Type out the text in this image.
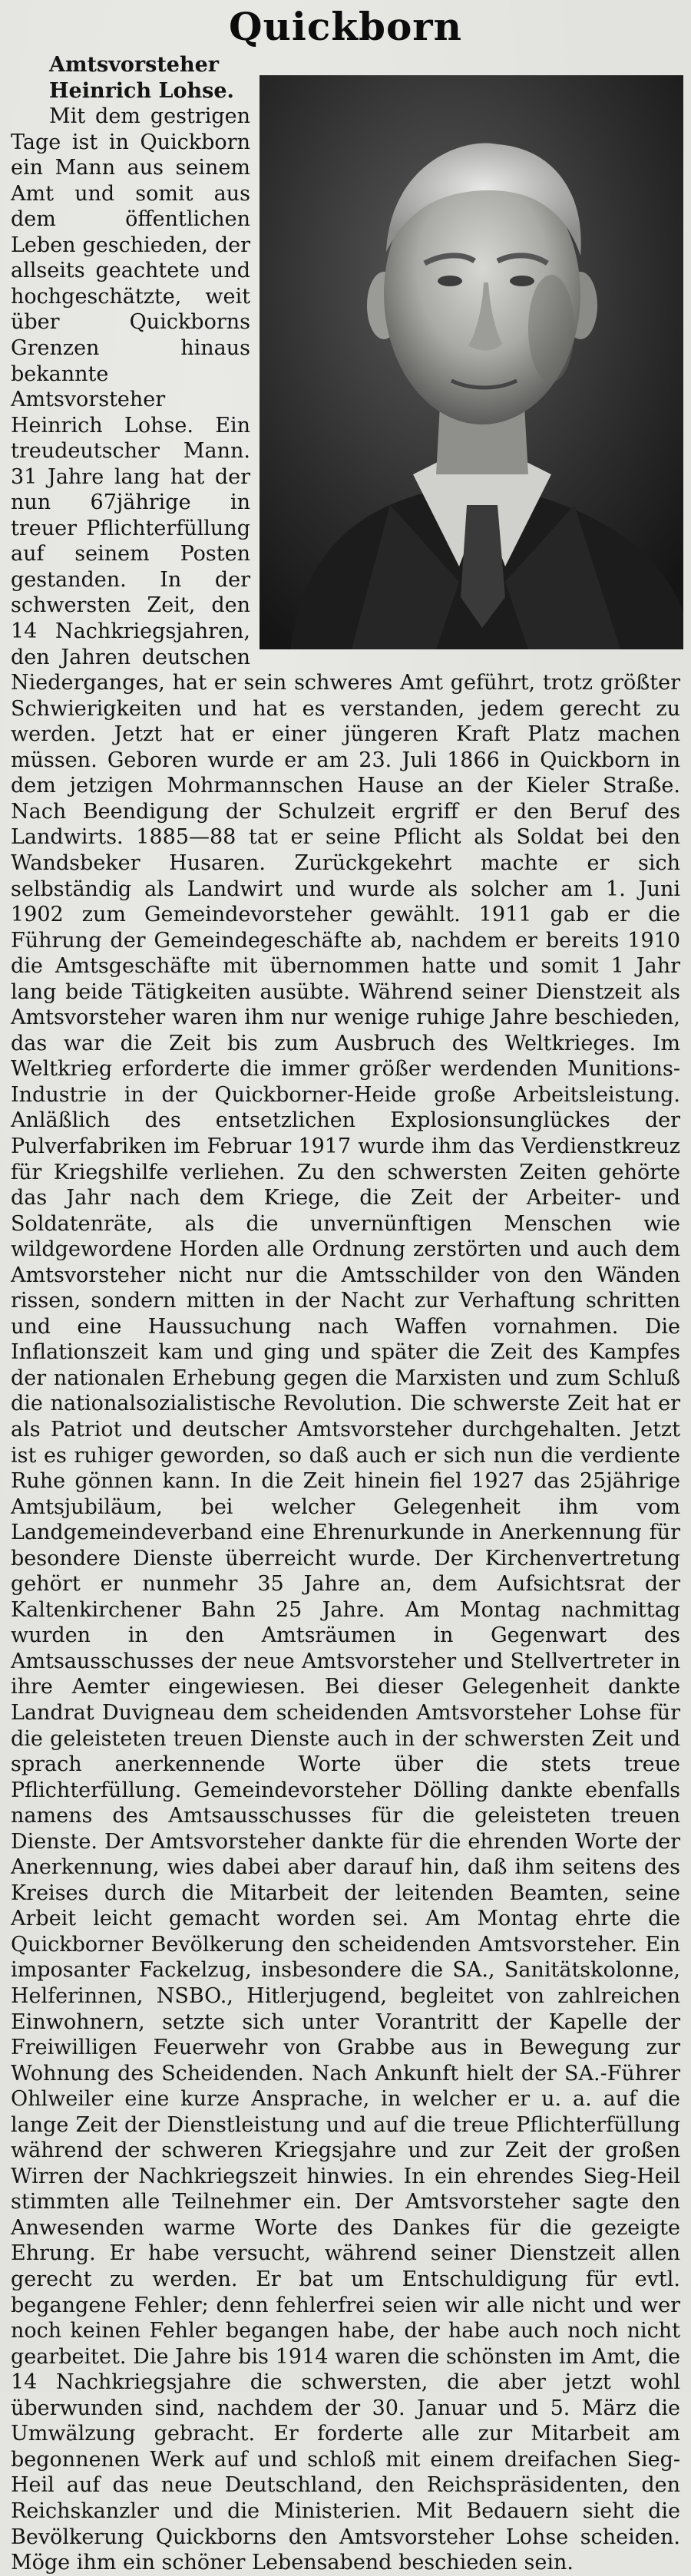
Quickborn

Amtsvorsteher

Heinrich Lohse.

Mit dem gestrigen Tage ist in Quickborn ein Mann aus seinem Amt und somit aus dem öffentlichen Leben geschieden, der allseits geachtete und hochgeschätzte, weit über Quickborns Grenzen hinaus bekannte Amtsvorsteher Heinrich Lohse. Ein treudeutscher Mann. 31 Jahre lang hat der nun 67jährige in treuer Pflichterfüllung auf seinem Posten gestanden. In der schwersten Zeit, den 14 Nachkriegsjahren, den Jahren deutschen Niederganges, hat er sein schweres Amt geführt, trotz größter Schwierigkeiten und hat es verstanden, jedem gerecht zu werden. Jetzt hat er einer jüngeren Kraft Platz machen müssen. Geboren wurde er am 23. Juli 1866 in Quickborn in dem jetzigen Mohrmannschen Hause an der Kieler Straße. Nach Beendigung der Schulzeit ergriff er den Beruf des Landwirts. 1885—88 tat er seine Pflicht als Soldat bei den Wandsbeker Husaren. Zurückgekehrt machte er sich selbständig als Landwirt und wurde als solcher am 1. Juni 1902 zum Gemeindevorsteher gewählt. 1911 gab er die Führung der Gemeindegeschäfte ab, nachdem er bereits 1910 die Amtsgeschäfte mit übernommen hatte und somit 1 Jahr lang beide Tätigkeiten ausübte. Während seiner Dienstzeit als Amtsvorsteher waren ihm nur wenige ruhige Jahre beschieden, das war die Zeit bis zum Ausbruch des Weltkrieges. Im Weltkrieg erforderte die immer größer werdenden Munitions-Industrie in der Quickborner-Heide große Arbeitsleistung. Anläßlich des entsetzlichen Explosionsunglückes der Pulverfabriken im Februar 1917 wurde ihm das Verdienstkreuz für Kriegshilfe verliehen. Zu den schwersten Zeiten gehörte das Jahr nach dem Kriege, die Zeit der Arbeiter- und Soldatenräte, als die unvernünftigen Menschen wie wildgewordene Horden alle Ordnung zerstörten und auch dem Amtsvorsteher nicht nur die Amtsschilder von den Wänden rissen, sondern mitten in der Nacht zur Verhaftung schritten und eine Haussuchung nach Waffen vornahmen. Die Inflationszeit kam und ging und später die Zeit des Kampfes der nationalen Erhebung gegen die Marxisten und zum Schluß die nationalsozialistische Revolution. Die schwerste Zeit hat er als Patriot und deutscher Amtsvorsteher durchgehalten. Jetzt ist es ruhiger geworden, so daß auch er sich nun die verdiente Ruhe gönnen kann. In die Zeit hinein fiel 1927 das 25jährige Amtsjubiläum, bei welcher Gelegenheit ihm vom Landgemeindeverband eine Ehrenurkunde in Anerkennung für besondere Dienste überreicht wurde. Der Kirchenvertretung gehört er nunmehr 35 Jahre an, dem Aufsichtsrat der Kaltenkirchener Bahn 25 Jahre. Am Montag nachmittag wurden in den Amtsräumen in Gegenwart des Amtsausschusses der neue Amtsvorsteher und Stellvertreter in ihre Aemter eingewiesen. Bei dieser Gelegenheit dankte Landrat Duvigneau dem scheidenden Amtsvorsteher Lohse für die geleisteten treuen Dienste auch in der schwersten Zeit und sprach anerkennende Worte über die stets treue Pflichterfüllung. Gemeindevorsteher Dölling dankte ebenfalls namens des Amtsausschusses für die geleisteten treuen Dienste. Der Amtsvorsteher dankte für die ehrenden Worte der Anerkennung, wies dabei aber darauf hin, daß ihm seitens des Kreises durch die Mitarbeit der leitenden Beamten, seine Arbeit leicht gemacht worden sei. Am Montag ehrte die Quickborner Bevölkerung den scheidenden Amtsvorsteher. Ein imposanter Fackelzug, insbesondere die SA., Sanitätskolonne, Helferinnen, NSBO., Hitlerjugend, begleitet von zahlreichen Einwohnern, setzte sich unter Vorantritt der Kapelle der Freiwilligen Feuerwehr von Grabbe aus in Bewegung zur Wohnung des Scheidenden. Nach Ankunft hielt der SA.-Führer Ohlweiler eine kurze Ansprache, in welcher er u. a. auf die lange Zeit der Dienstleistung und auf die treue Pflichterfüllung während der schweren Kriegsjahre und zur Zeit der großen Wirren der Nachkriegszeit hinwies. In ein ehrendes Sieg-Heil stimmten alle Teilnehmer ein. Der Amtsvorsteher sagte den Anwesenden warme Worte des Dankes für die gezeigte Ehrung. Er habe versucht, während seiner Dienstzeit allen gerecht zu werden. Er bat um Entschuldigung für evtl. begangene Fehler; denn fehlerfrei seien wir alle nicht und wer noch keinen Fehler begangen habe, der habe auch noch nicht gearbeitet. Die Jahre bis 1914 waren die schönsten im Amt, die 14 Nachkriegsjahre die schwersten, die aber jetzt wohl überwunden sind, nachdem der 30. Januar und 5. März die Umwälzung gebracht. Er forderte alle zur Mitarbeit am begonnenen Werk auf und schloß mit einem dreifachen Sieg-Heil auf das neue Deutschland, den Reichspräsidenten, den Reichskanzler und die Ministerien. Mit Bedauern sieht die Bevölkerung Quickborns den Amtsvorsteher Lohse scheiden. Möge ihm ein schöner Lebensabend beschieden sein.
